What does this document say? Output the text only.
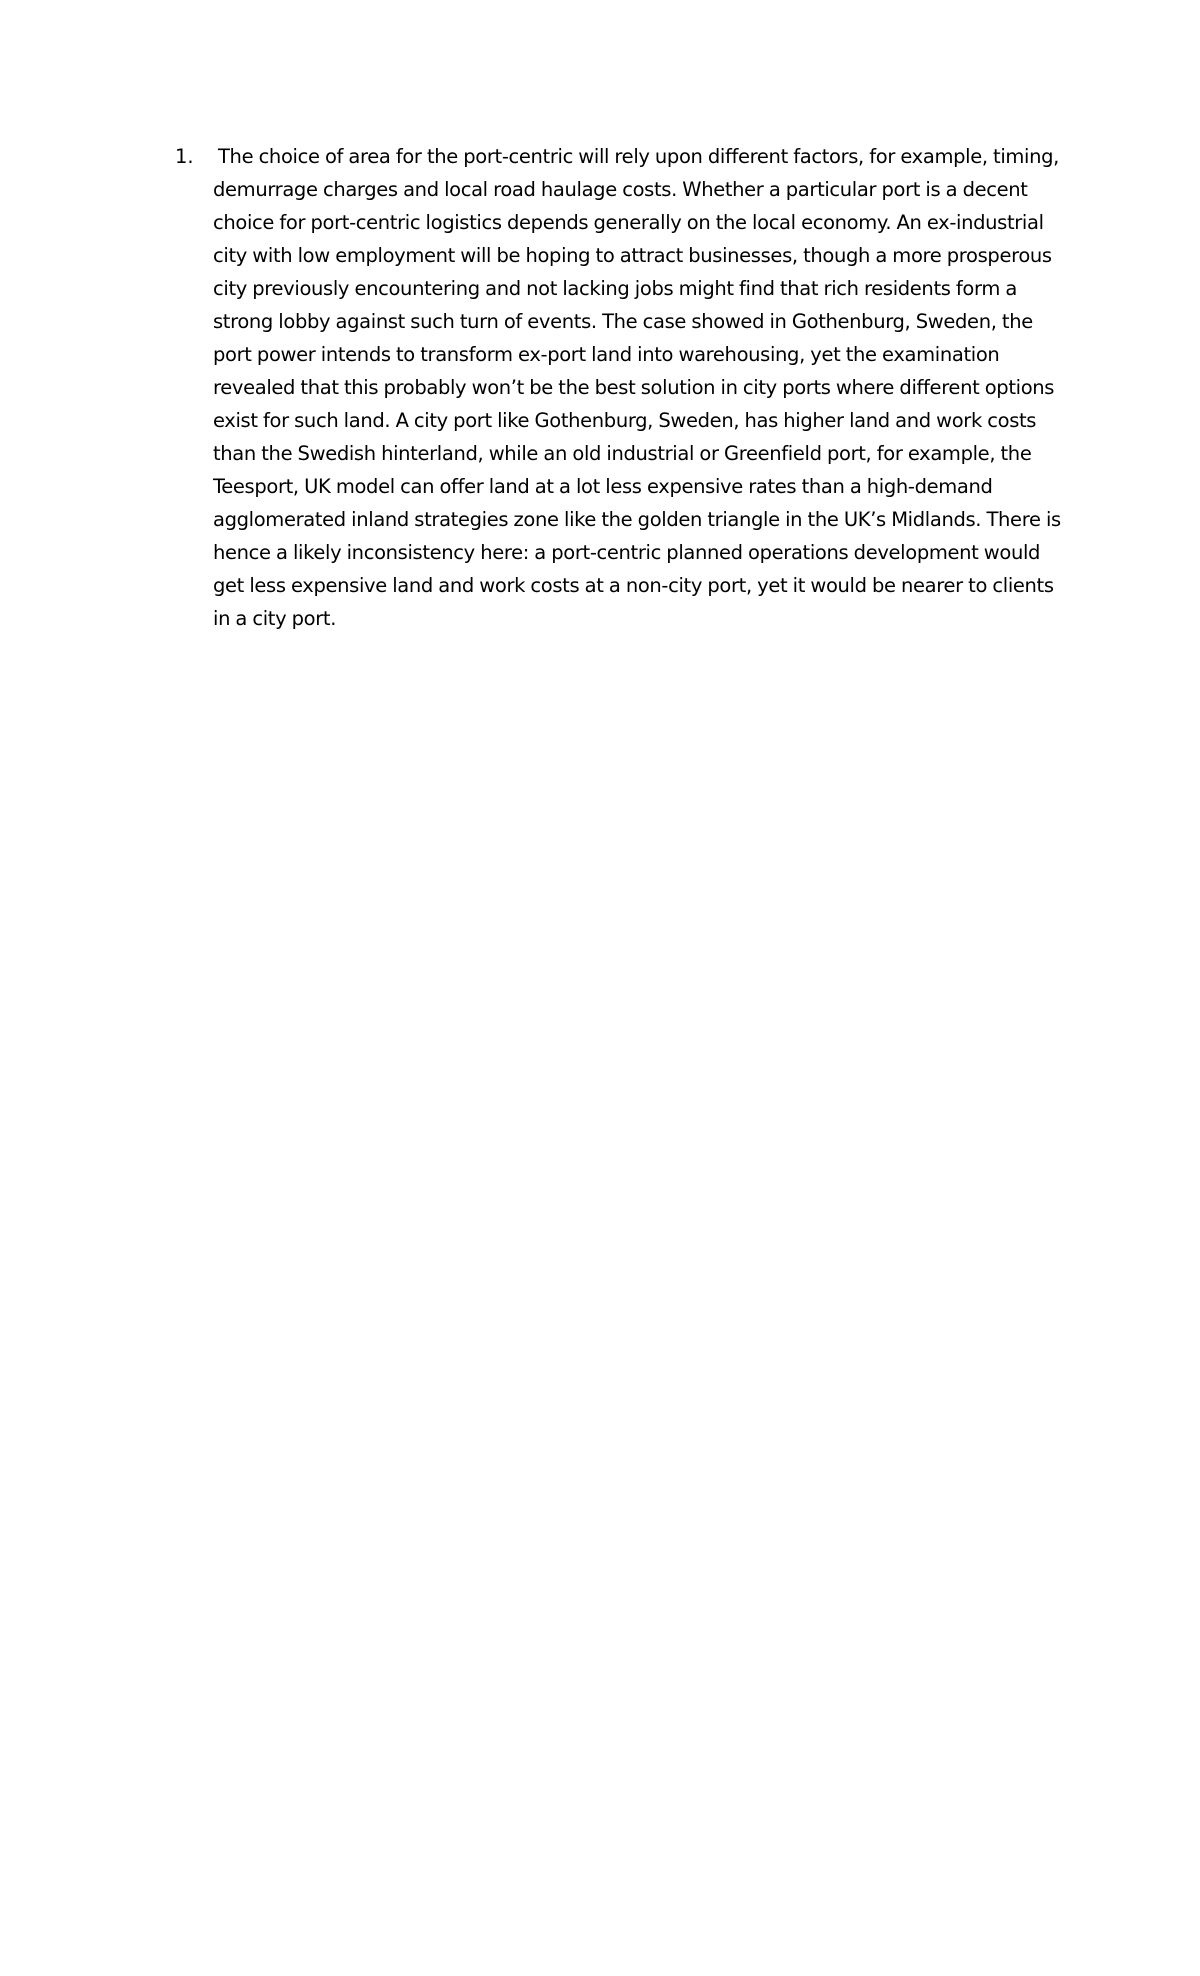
1.	The choice of area for the port-centric will rely upon different factors, for example, timing, demurrage charges and local road haulage costs. Whether a particular port is a decent choice for port-centric logistics depends generally on the local economy. An ex-industrial city with low employment will be hoping to attract businesses, though a more prosperous city previously encountering and not lacking jobs might find that rich residents form a strong lobby against such turn of events. The case showed in Gothenburg, Sweden, the port power intends to transform ex-port land into warehousing, yet the examination revealed that this probably won’t be the best solution in city ports where different options exist for such land. A city port like Gothenburg, Sweden, has higher land and work costs than the Swedish hinterland, while an old industrial or Greenfield port, for example, the Teesport, UK model can offer land at a lot less expensive rates than a high-demand agglomerated inland strategies zone like the golden triangle in the UK’s Midlands. There is hence a likely inconsistency here: a port-centric planned operations development would get less expensive land and work costs at a non-city port, yet it would be nearer to clients in a city port.
